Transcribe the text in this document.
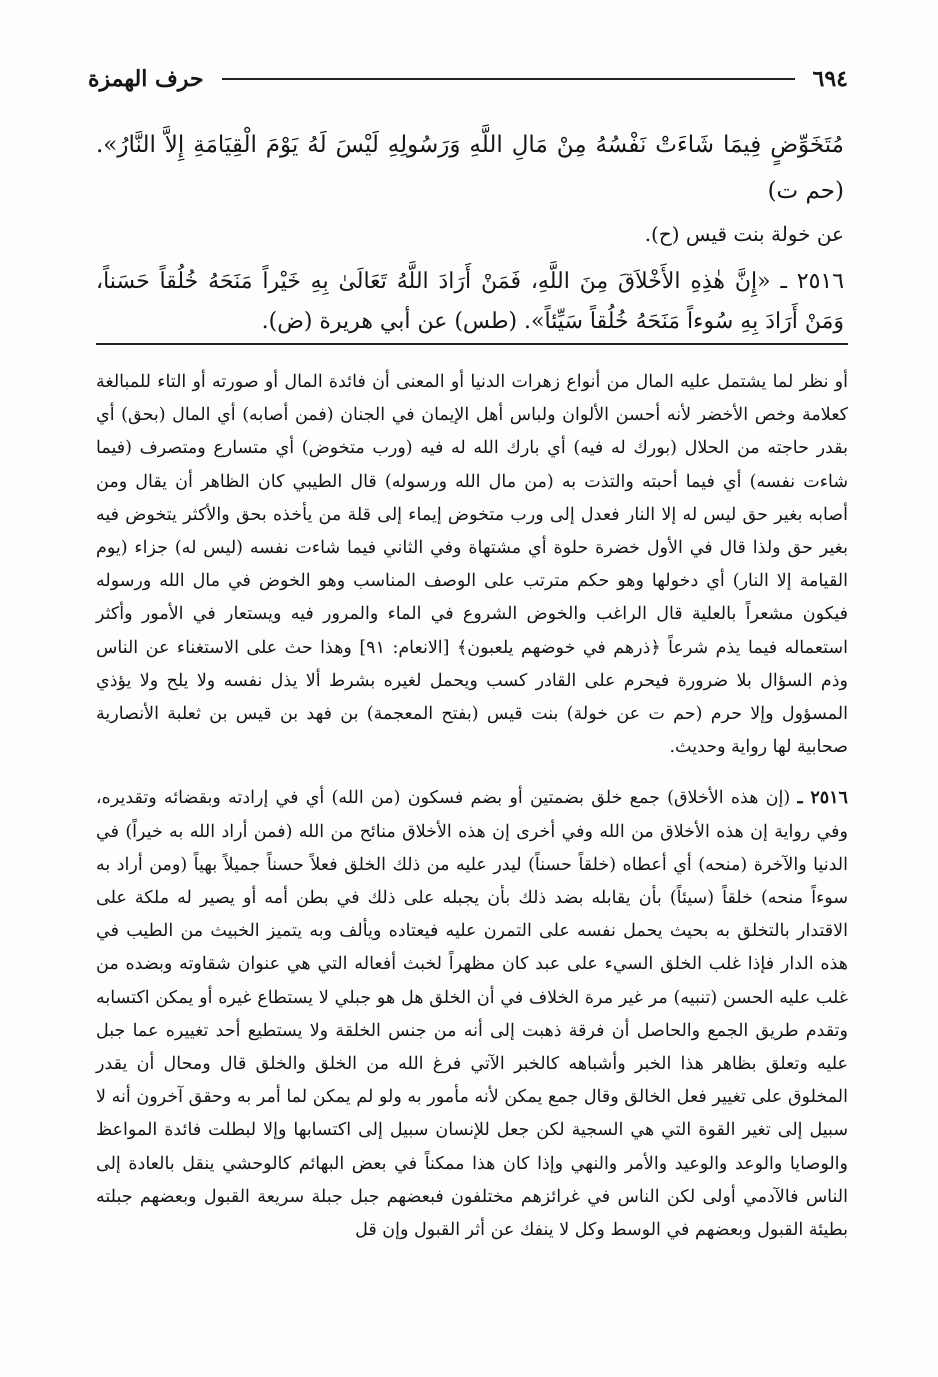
٦٩٤
حرف الهمزة

مُتَخَوِّضٍ فِيمَا شَاءَتْ نَفْسُهُ مِنْ مَالِ اللَّهِ وَرَسُولِهِ لَيْسَ لَهُ يَوْمَ الْقِيَامَةِ إِلاَّ النَّارُ». (حم ت)

عن خولة بنت قيس (ح).

٢٥١٦ ـ «إِنَّ هٰذِهِ الأَخْلاَقَ مِنَ اللَّهِ، فَمَنْ أَرَادَ اللَّهُ تَعَالَىٰ بِهِ خَيْراً مَنَحَهُ خُلُقاً حَسَناً، وَمَنْ أَرَادَ بِهِ سُوءاً مَنَحَهُ خُلُقاً سَيِّئاً». (طس) عن أبي هريرة (ض).

أو نظر لما يشتمل عليه المال من أنواع زهرات الدنيا أو المعنى أن فائدة المال أو صورته أو التاء للمبالغة كعلامة وخص الأخضر لأنه أحسن الألوان ولباس أهل الإيمان في الجنان (فمن أصابه) أي المال (بحق) أي بقدر حاجته من الحلال (بورك له فيه) أي بارك الله له فيه (ورب متخوض) أي متسارع ومتصرف (فيما شاءت نفسه) أي فيما أحبته والتذت به (من مال الله ورسوله) قال الطيبي كان الظاهر أن يقال ومن أصابه بغير حق ليس له إلا النار فعدل إلى ورب متخوض إيماء إلى قلة من يأخذه بحق والأكثر يتخوض فيه بغير حق ولذا قال في الأول خضرة حلوة أي مشتهاة وفي الثاني فيما شاءت نفسه (ليس له) جزاء (يوم القيامة إلا النار) أي دخولها وهو حكم مترتب على الوصف المناسب وهو الخوض في مال الله ورسوله فيكون مشعراً بالعلية قال الراغب والخوض الشروع في الماء والمرور فيه ويستعار في الأمور وأكثر استعماله فيما يذم شرعاً ﴿ذرهم في خوضهم يلعبون﴾ [الانعام: ٩١] وهذا حث على الاستغناء عن الناس وذم السؤال بلا ضرورة فيحرم على القادر كسب ويحمل لغيره بشرط ألا يذل نفسه ولا يلح ولا يؤذي المسؤول وإلا حرم (حم ت عن خولة) بنت قيس (بفتح المعجمة) بن فهد بن قيس بن ثعلبة الأنصارية صحابية لها رواية وحديث.

٢٥١٦ ـ (إن هذه الأخلاق) جمع خلق بضمتين أو بضم فسكون (من الله) أي في إرادته وبقضائه وتقديره، وفي رواية إن هذه الأخلاق من الله وفي أخرى إن هذه الأخلاق منائح من الله (فمن أراد الله به خيراً) في الدنيا والآخرة (منحه) أي أعطاه (خلقاً حسناً) ليدر عليه من ذلك الخلق فعلاً حسناً جميلاً بهياً (ومن أراد به سوءاً منحه) خلقاً (سيئاً) بأن يقابله بضد ذلك بأن يجبله على ذلك في بطن أمه أو يصير له ملكة على الاقتدار بالتخلق به بحيث يحمل نفسه على التمرن عليه فيعتاده ويألف وبه يتميز الخبيث من الطيب في هذه الدار فإذا غلب الخلق السيء على عبد كان مظهراً لخبث أفعاله التي هي عنوان شقاوته وبضده من غلب عليه الحسن (تنبيه) مر غير مرة الخلاف في أن الخلق هل هو جبلي لا يستطاع غيره أو يمكن اكتسابه وتقدم طريق الجمع والحاصل أن فرقة ذهبت إلى أنه من جنس الخلقة ولا يستطيع أحد تغييره عما جبل عليه وتعلق بظاهر هذا الخبر وأشباهه كالخبر الآتي فرغ الله من الخلق والخلق قال ومحال أن يقدر المخلوق على تغيير فعل الخالق وقال جمع يمكن لأنه مأمور به ولو لم يمكن لما أمر به وحقق آخرون أنه لا سبيل إلى تغير القوة التي هي السجية لكن جعل للإنسان سبيل إلى اكتسابها وإلا لبطلت فائدة المواعظ والوصايا والوعد والوعيد والأمر والنهي وإذا كان هذا ممكناً في بعض البهائم كالوحشي ينقل بالعادة إلى الناس فالآدمي أولى لكن الناس في غرائزهم مختلفون فبعضهم جبل جبلة سريعة القبول وبعضهم جبلته بطيئة القبول وبعضهم في الوسط وكل لا ينفك عن أثر القبول وإن قل
